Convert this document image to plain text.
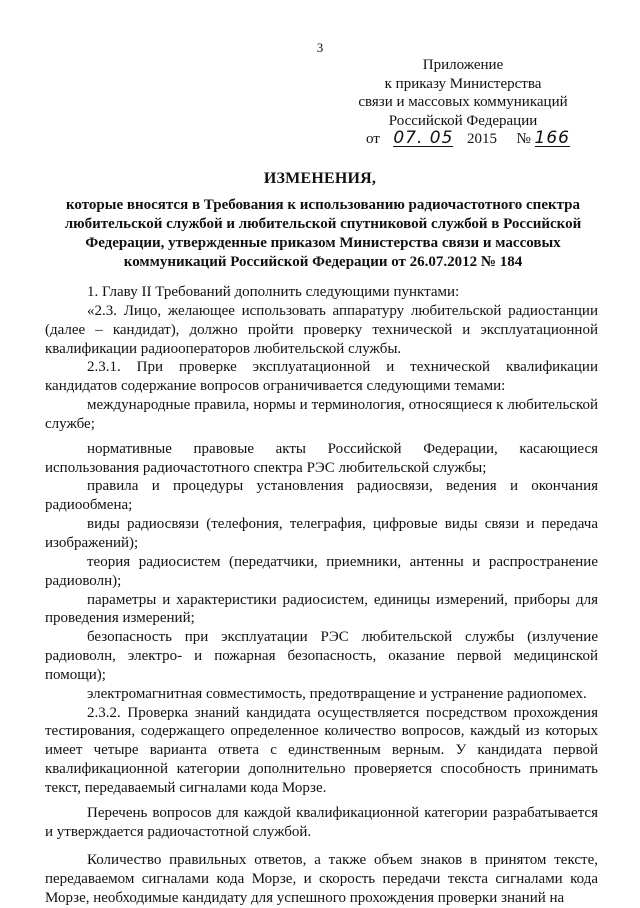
3
Приложение
к приказу Министерства
связи и массовых коммуникаций
Российской Федерации
от 07. 05 2015 № 166
ИЗМЕНЕНИЯ,
которые вносятся в Требования к использованию радиочастотного спектра любительской службой и любительской спутниковой службой в Российской Федерации, утвержденные приказом Министерства связи и массовых коммуникаций Российской Федерации от 26.07.2012 № 184

1. Главу II Требований дополнить следующими пунктами:

«2.3. Лицо, желающее использовать аппаратуру любительской радиостанции (далее – кандидат), должно пройти проверку технической и эксплуатационной квалификации радиооператоров любительской службы.

2.3.1. При проверке эксплуатационной и технической квалификации кандидатов содержание вопросов ограничивается следующими темами:

международные правила, нормы и терминология, относящиеся к любительской службе;

нормативные правовые акты Российской Федерации, касающиеся использования радиочастотного спектра РЭС любительской службы;

правила и процедуры установления радиосвязи, ведения и окончания радиообмена;

виды радиосвязи (телефония, телеграфия, цифровые виды связи и передача изображений);

теория радиосистем (передатчики, приемники, антенны и распространение радиоволн);

параметры и характеристики радиосистем, единицы измерений, приборы для проведения измерений;

безопасность при эксплуатации РЭС любительской службы (излучение радиоволн, электро- и пожарная безопасность, оказание первой медицинской помощи);

электромагнитная совместимость, предотвращение и устранение радиопомех.

2.3.2. Проверка знаний кандидата осуществляется посредством прохождения тестирования, содержащего определенное количество вопросов, каждый из которых имеет четыре варианта ответа с единственным верным. У кандидата первой квалификационной категории дополнительно проверяется способность принимать текст, передаваемый сигналами кода Морзе.

Перечень вопросов для каждой квалификационной категории разрабатывается и утверждается радиочастотной службой.

Количество правильных ответов, а также объем знаков в принятом тексте, передаваемом сигналами кода Морзе, и скорость передачи текста сигналами кода Морзе, необходимые кандидату для успешного прохождения проверки знаний на
